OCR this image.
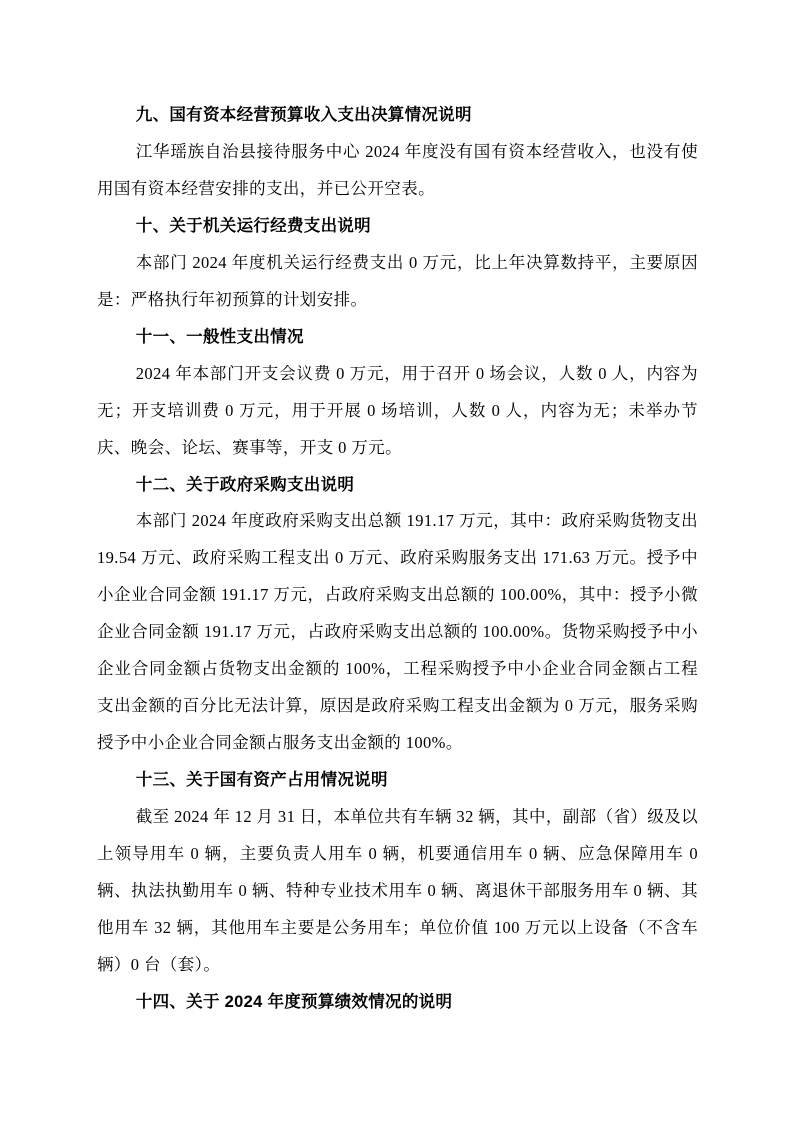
九、国有资本经营预算收入支出决算情况说明

江华瑶族自治县接待服务中心 2024 年度没有国有资本经营收入，也没有使用国有资本经营安排的支出，并已公开空表。

十、关于机关运行经费支出说明

本部门 2024 年度机关运行经费支出 0 万元，比上年决算数持平，主要原因是：严格执行年初预算的计划安排。

十一、一般性支出情况

2024 年本部门开支会议费 0 万元，用于召开 0 场会议，人数 0 人，内容为无；开支培训费 0 万元，用于开展 0 场培训，人数 0 人，内容为无；未举办节庆、晚会、论坛、赛事等，开支 0 万元。

十二、关于政府采购支出说明

本部门 2024 年度政府采购支出总额 191.17 万元，其中：政府采购货物支出 19.54 万元、政府采购工程支出 0 万元、政府采购服务支出 171.63 万元。授予中小企业合同金额 191.17 万元，占政府采购支出总额的 100.00%，其中：授予小微企业合同金额 191.17 万元，占政府采购支出总额的 100.00%。货物采购授予中小企业合同金额占货物支出金额的 100%，工程采购授予中小企业合同金额占工程支出金额的百分比无法计算，原因是政府采购工程支出金额为 0 万元，服务采购授予中小企业合同金额占服务支出金额的 100%。

十三、关于国有资产占用情况说明

截至 2024 年 12 月 31 日，本单位共有车辆 32 辆，其中，副部（省）级及以上领导用车 0 辆，主要负责人用车 0 辆，机要通信用车 0 辆、应急保障用车 0 辆、执法执勤用车 0 辆、特种专业技术用车 0 辆、离退休干部服务用车 0 辆、其他用车 32 辆，其他用车主要是公务用车；单位价值 100 万元以上设备（不含车辆）0 台（套）。

十四、关于 2024 年度预算绩效情况的说明
